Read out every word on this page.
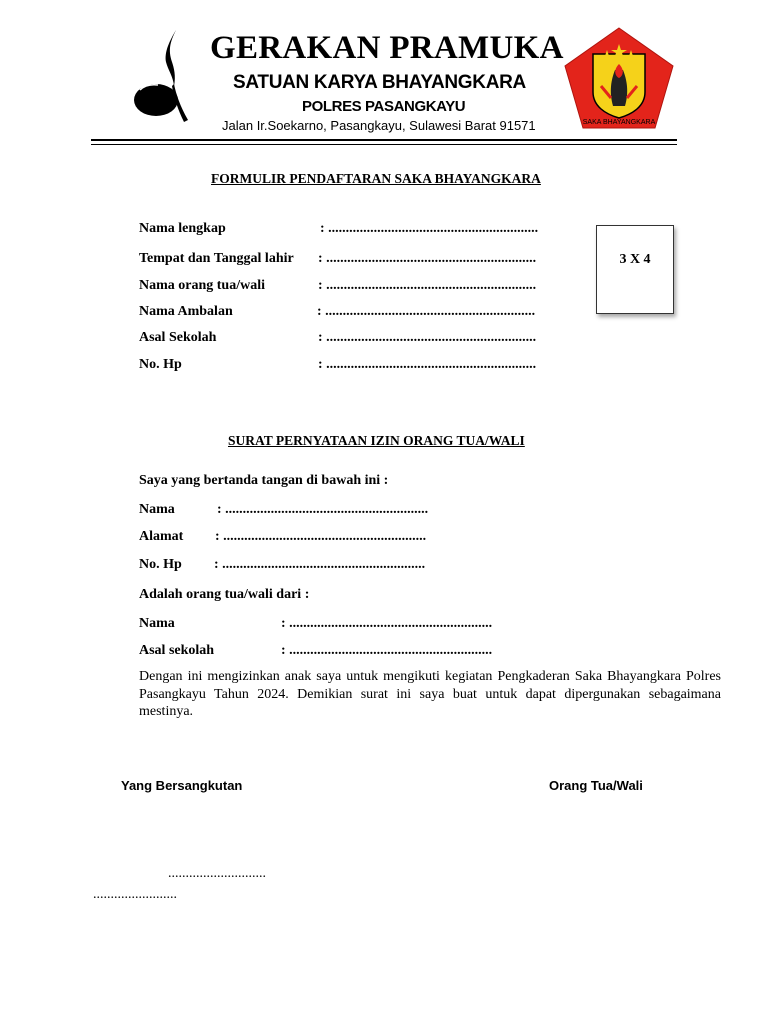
GERAKAN PRAMUKA
SATUAN KARYA BHAYANGKARA
POLRES PASANGKAYU
Jalan Ir.Soekarno, Pasangkayu, Sulawesi Barat 91571	SAKA BHAYANGKARA
FORMULIR PENDAFTARAN SAKA BHAYANGKARA
Nama lengkap	: ............................................................
Tempat dan Tanggal lahir : ............................................................
Nama orang tua/wali	: ............................................................
Nama Ambalan	: ............................................................
Asal Sekolah	: ............................................................
No. Hp	: ............................................................
3 X 4
SURAT PERNYATAAN IZIN ORANG TUA/WALI
Saya yang bertanda tangan di bawah ini :
Nama	: ..........................................................
Alamat : ..........................................................
No. Hp : ..........................................................
Adalah orang tua/wali dari :
Nama	: ..........................................................
Asal sekolah	: ..........................................................
Dengan ini mengizinkan anak saya untuk mengikuti kegiatan Pengkaderan Saka Bhayangkara Polres Pasangkayu Tahun 2024. Demikian surat ini saya buat untuk dapat dipergunakan sebagaimana mestinya.
Yang Bersangkutan	Orang Tua/Wali
............................
........................
